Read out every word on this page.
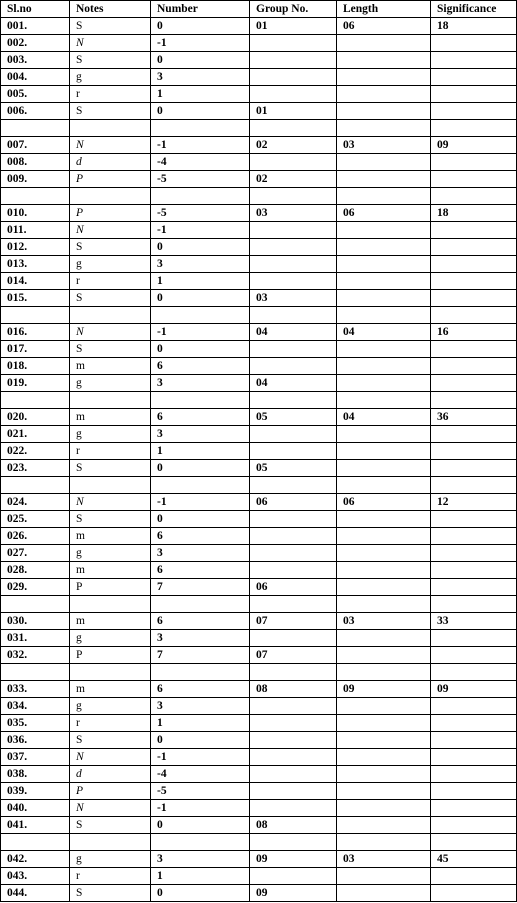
Sl.no	Notes	Number	Group No.	Length	Significance
001.	S	0	01	06	18
002.	N	-1			
003.	S	0			
004.	g	3			
005.	r	1			
006.	S	0	01		

007.	N	-1	02	03	09
008.	d	-4			
009.	P	-5	02		

010.	P	-5	03	06	18
011.	N	-1			
012.	S	0			
013.	g	3			
014.	r	1			
015.	S	0	03		

016.	N	-1	04	04	16
017.	S	0			
018.	m	6			
019.	g	3	04		

020.	m	6	05	04	36
021.	g	3			
022.	r	1			
023.	S	0	05		

024.	N	-1	06	06	12
025.	S	0			
026.	m	6			
027.	g	3			
028.	m	6			
029.	P	7	06		

030.	m	6	07	03	33
031.	g	3			
032.	P	7	07		

033.	m	6	08	09	09
034.	g	3			
035.	r	1			
036.	S	0			
037.	N	-1			
038.	d	-4			
039.	P	-5			
040.	N	-1			
041.	S	0	08		

042.	g	3	09	03	45
043.	r	1			
044.	S	0	09		
